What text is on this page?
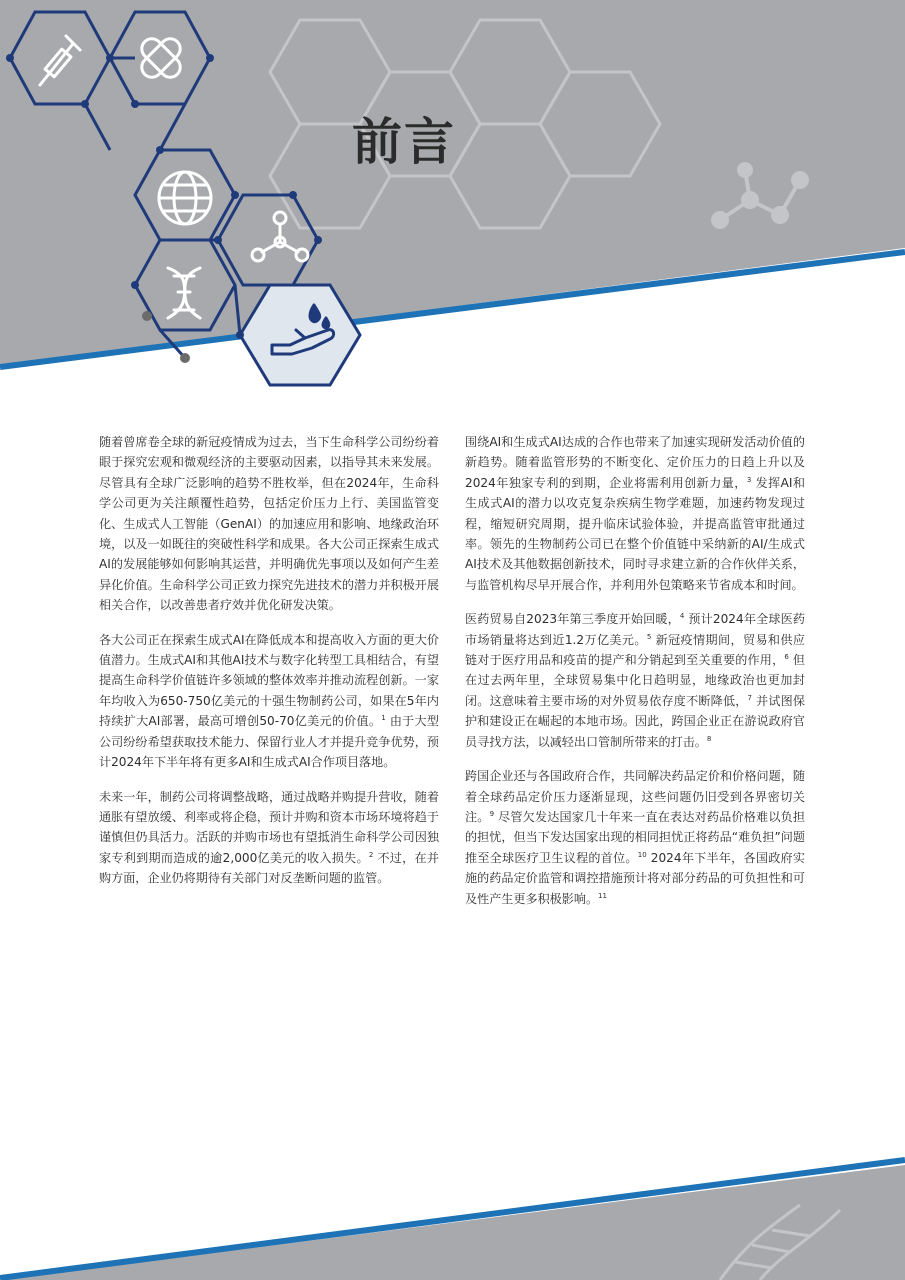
前言

随着曾席卷全球的新冠疫情成为过去，当下生命科学公司纷纷着眼于探究宏观和微观经济的主要驱动因素，以指导其未来发展。尽管具有全球广泛影响的趋势不胜枚举，但在2024年，生命科学公司更为关注颠覆性趋势，包括定价压力上行、美国监管变化、生成式人工智能（GenAI）的加速应用和影响、地缘政治环境，以及一如既往的突破性科学和成果。各大公司正探索生成式AI的发展能够如何影响其运营，并明确优先事项以及如何产生差异化价值。生命科学公司正致力探究先进技术的潜力并积极开展相关合作，以改善患者疗效并优化研发决策。

各大公司正在探索生成式AI在降低成本和提高收入方面的更大价值潜力。生成式AI和其他AI技术与数字化转型工具相结合，有望提高生命科学价值链许多领域的整体效率并推动流程创新。一家年均收入为650-750亿美元的十强生物制药公司，如果在5年内持续扩大AI部署，最高可增创50-70亿美元的价值。$^1$ 由于大型公司纷纷希望获取技术能力、保留行业人才并提升竞争优势，预计2024年下半年将有更多AI和生成式AI合作项目落地。

未来一年，制药公司将调整战略，通过战略并购提升营收，随着通胀有望放缓、利率或将企稳，预计并购和资本市场环境将趋于谨慎但仍具活力。活跃的并购市场也有望抵消生命科学公司因独家专利到期而造成的逾2,000亿美元的收入损失。$^2$ 不过，在并购方面，企业仍将期待有关部门对反垄断问题的监管。

围绕AI和生成式AI达成的合作也带来了加速实现研发活动价值的新趋势。随着监管形势的不断变化、定价压力的日趋上升以及2024年独家专利的到期，企业将需利用创新力量，$^3$ 发挥AI和生成式AI的潜力以攻克复杂疾病生物学难题，加速药物发现过程，缩短研究周期，提升临床试验体验，并提高监管审批通过率。领先的生物制药公司已在整个价值链中采纳新的AI/生成式AI技术及其他数据创新技术，同时寻求建立新的合作伙伴关系，与监管机构尽早开展合作，并利用外包策略来节省成本和时间。

医药贸易自2023年第三季度开始回暖，$^4$ 预计2024年全球医药市场销量将达到近1.2万亿美元。$^5$ 新冠疫情期间，贸易和供应链对于医疗用品和疫苗的提产和分销起到至关重要的作用，$^6$ 但在过去两年里，全球贸易集中化日趋明显，地缘政治也更加封闭。这意味着主要市场的对外贸易依存度不断降低，$^7$ 并试图保护和建设正在崛起的本地市场。因此，跨国企业正在游说政府官员寻找方法，以减轻出口管制所带来的打击。$^8$

跨国企业还与各国政府合作，共同解决药品定价和价格问题，随着全球药品定价压力逐渐显现，这些问题仍旧受到各界密切关注。$^9$ 尽管欠发达国家几十年来一直在表达对药品价格难以负担的担忧，但当下发达国家出现的相同担忧正将药品“难负担”问题推至全球医疗卫生议程的首位。$^{10}$ 2024年下半年，各国政府实施的药品定价监管和调控措施预计将对部分药品的可负担性和可及性产生更多积极影响。$^{11}$
